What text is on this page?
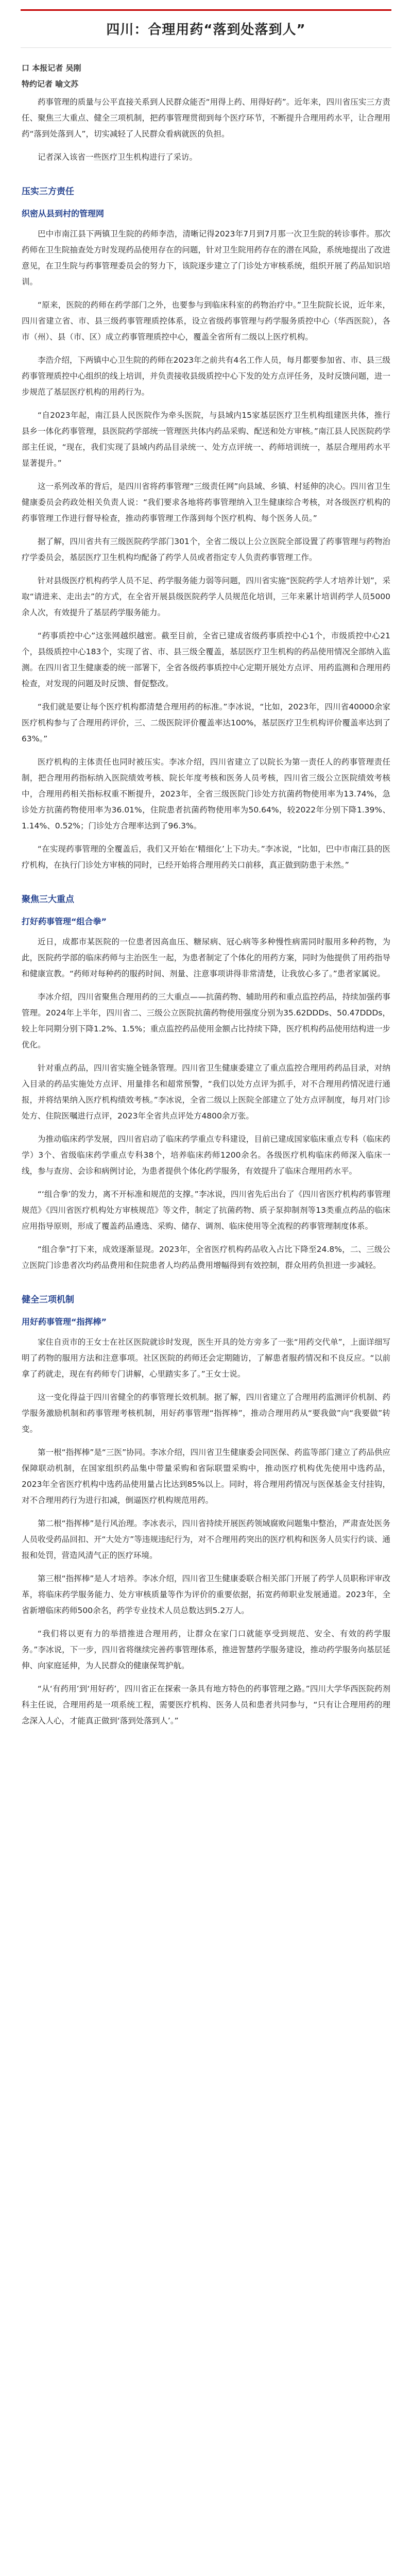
四川：合理用药“落到处落到人”
口 本报记者 吴刚
特约记者 喻文苏

药事管理的质量与公平直接关系到人民群众能否“用得上药、用得好药”。近年来，四川省压实三方责任、聚焦三大重点、健全三项机制，把药事管理贯彻到每个医疗环节，不断提升合理用药水平，让合理用药“落到处落到人”，切实减轻了人民群众看病就医的负担。

记者深入该省一些医疗卫生机构进行了采访。

压实三方责任
织密从县到村的管理网

巴中市南江县下两镇卫生院的药师李浩，清晰记得2023年7月到7月那一次卫生院的转诊事件。那次药师在卫生院抽查处方时发现药品使用存在的问题，针对卫生院用药存在的潜在风险，系统地提出了改进意见，在卫生院与药事管理委员会的努力下，该院逐步建立了门诊处方审核系统，组织开展了药品知识培训。

“原来，医院的药师在药学部门之外，也要参与到临床科室的药物治疗中。”卫生院院长说，近年来，四川省建立省、市、县三级药事管理质控体系，设立省级药事管理与药学服务质控中心（华西医院），各市（州）、县（市、区）成立药事管理质控中心，覆盖全省所有二级以上医疗机构。

李浩介绍，下两镇中心卫生院的药师在2023年之前共有4名工作人员，每月都要参加省、市、县三级药事管理质控中心组织的线上培训，并负责接收县级质控中心下发的处方点评任务，及时反馈问题，进一步规范了基层医疗机构的用药行为。

“自2023年起，南江县人民医院作为牵头医院，与县域内15家基层医疗卫生机构组建医共体，推行县乡一体化药事管理，县医院药学部统一管理医共体内药品采购、配送和处方审核。”南江县人民医院药学部主任说，“现在，我们实现了县域内药品目录统一、处方点评统一、药师培训统一，基层合理用药水平显著提升。”

这一系列改革的背后，是四川省将药事管理“三级责任网”向县域、乡镇、村延伸的决心。四川省卫生健康委员会药政处相关负责人说：“我们要求各地将药事管理纳入卫生健康综合考核，对各级医疗机构的药事管理工作进行督导检查，推动药事管理工作落到每个医疗机构、每个医务人员。”

据了解，四川省共有三级医院药学部门301个，全省二级以上公立医院全部设置了药事管理与药物治疗学委员会，基层医疗卫生机构均配备了药学人员或者指定专人负责药事管理工作。

针对县级医疗机构药学人员不足、药学服务能力弱等问题，四川省实施“医院药学人才培养计划”，采取“请进来、走出去”的方式，在全省开展县级医院药学人员规范化培训，三年来累计培训药学人员5000余人次，有效提升了基层药学服务能力。

“药事质控中心”这张网越织越密。截至目前，全省已建成省级药事质控中心1个，市级质控中心21个，县级质控中心183个，实现了省、市、县三级全覆盖，基层医疗卫生机构的药品使用情况全部纳入监测。在四川省卫生健康委的统一部署下，全省各级药事质控中心定期开展处方点评、用药监测和合理用药检查，对发现的问题及时反馈、督促整改。

“我们就是要让每个医疗机构都清楚合理用药的标准。”李冰说，“比如，2023年，四川省40000余家医疗机构参与了合理用药评价，三、二级医院评价覆盖率达100%，基层医疗卫生机构评价覆盖率达到了63%。”

医疗机构的主体责任也同时被压实。李冰介绍，四川省建立了以院长为第一责任人的药事管理责任制，把合理用药指标纳入医院绩效考核、院长年度考核和医务人员考核，四川省三级公立医院绩效考核中，合理用药相关指标权重不断提升，2023年，全省三级医院门诊处方抗菌药物使用率为13.74%，急诊处方抗菌药物使用率为36.01%，住院患者抗菌药物使用率为50.64%，较2022年分别下降1.39%、1.14%、0.52%；门诊处方合理率达到了96.3%。

“在实现药事管理的全覆盖后，我们又开始在‘精细化’上下功夫。”李冰说，“比如，巴中市南江县的医疗机构，在执行门诊处方审核的同时，已经开始将合理用药关口前移，真正做到防患于未然。”

聚焦三大重点
打好药事管理“组合拳”

近日，成都市某医院的一位患者因高血压、糖尿病、冠心病等多种慢性病需同时服用多种药物，为此，医院药学部的临床药师与主治医生一起，为患者制定了个体化的用药方案，同时为他提供了用药指导和健康宣教。“药师对每种药的服药时间、剂量、注意事项讲得非常清楚，让我放心多了。”患者家属说。

李冰介绍，四川省聚焦合理用药的三大重点——抗菌药物、辅助用药和重点监控药品，持续加强药事管理。2024年上半年，四川省二、三级公立医院抗菌药物使用强度分别为35.62DDDs、50.47DDDs，较上年同期分别下降1.2%、1.5%；重点监控药品使用金额占比持续下降，医疗机构药品使用结构进一步优化。

针对重点药品，四川省实施全链条管理。四川省卫生健康委建立了重点监控合理用药药品目录，对纳入目录的药品实施处方点评、用量排名和超常预警，“我们以处方点评为抓手，对不合理用药情况进行通报，并将结果纳入医疗机构绩效考核。”李冰说，全省二级以上医院全部建立了处方点评制度，每月对门诊处方、住院医嘱进行点评，2023年全省共点评处方4800余万张。

为推动临床药学发展，四川省启动了临床药学重点专科建设，目前已建成国家临床重点专科（临床药学）3个、省级临床药学重点专科38个，培养临床药师1200余名。各级医疗机构临床药师深入临床一线，参与查房、会诊和病例讨论，为患者提供个体化药学服务，有效提升了临床合理用药水平。

“‘组合拳’的发力，离不开标准和规范的支撑。”李冰说，四川省先后出台了《四川省医疗机构药事管理规范》《四川省医疗机构处方审核规范》等文件，制定了抗菌药物、质子泵抑制剂等13类重点药品的临床应用指导原则，形成了覆盖药品遴选、采购、储存、调剂、临床使用等全流程的药事管理制度体系。

“组合拳”打下来，成效逐渐显现。2023年，全省医疗机构药品收入占比下降至24.8%，二、三级公立医院门诊患者次均药品费用和住院患者人均药品费用增幅得到有效控制，群众用药负担进一步减轻。

健全三项机制
用好药事管理“指挥棒”

家住自贡市的王女士在社区医院就诊时发现，医生开具的处方旁多了一张“用药交代单”，上面详细写明了药物的服用方法和注意事项。社区医院的药师还会定期随访，了解患者服药情况和不良反应。“以前拿了药就走，现在有药师专门讲解，心里踏实多了。”王女士说。

这一变化得益于四川省健全的药事管理长效机制。据了解，四川省建立了合理用药监测评价机制、药学服务激励机制和药事管理考核机制，用好药事管理“指挥棒”，推动合理用药从“要我做”向“我要做”转变。

第一根“指挥棒”是“三医”协同。李冰介绍，四川省卫生健康委会同医保、药监等部门建立了药品供应保障联动机制，在国家组织药品集中带量采购和省际联盟采购中，推动医疗机构优先使用中选药品，2023年全省医疗机构中选药品使用量占比达到85%以上。同时，将合理用药情况与医保基金支付挂钩，对不合理用药行为进行扣减，倒逼医疗机构规范用药。

第二根“指挥棒”是行风治理。李冰表示，四川省持续开展医药领域腐败问题集中整治，严肃查处医务人员收受药品回扣、开“大处方”等违规违纪行为，对不合理用药突出的医疗机构和医务人员实行约谈、通报和处罚，营造风清气正的医疗环境。

第三根“指挥棒”是人才培养。李冰介绍，四川省卫生健康委联合相关部门开展了药学人员职称评审改革，将临床药学服务能力、处方审核质量等作为评价的重要依据，拓宽药师职业发展通道。2023年，全省新增临床药师500余名，药学专业技术人员总数达到5.2万人。

“我们将以更有力的举措推进合理用药，让群众在家门口就能享受到规范、安全、有效的药学服务。”李冰说，下一步，四川省将继续完善药事管理体系，推进智慧药学服务建设，推动药学服务向基层延伸、向家庭延伸，为人民群众的健康保驾护航。

“从‘有药用’到‘用好药’，四川省正在探索一条具有地方特色的药事管理之路。”四川大学华西医院药剂科主任说，合理用药是一项系统工程，需要医疗机构、医务人员和患者共同参与，“只有让合理用药的理念深入人心，才能真正做到‘落到处落到人’。”
